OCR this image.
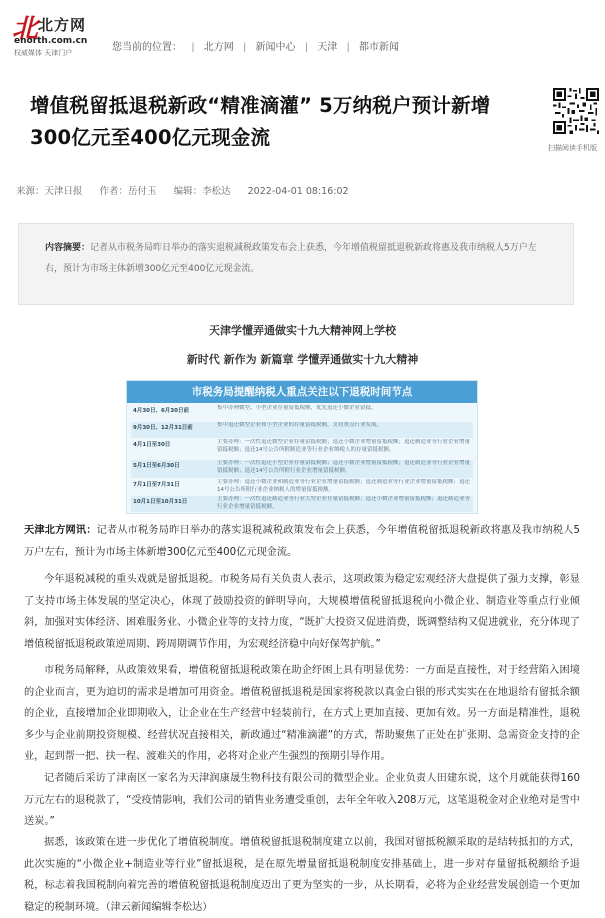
北 北方网
enorth.com.cn
权威媒体 天津门户	您当前的位置： | 北方网 | 新闻中心 | 天津 | 都市新闻
增值税留抵退税新政“精准滴灌” 5万纳税户预计新增300亿元至400亿元现金流	扫描阅读手机版
来源：天津日报 作者：岳付玉 编辑：李松达 2022-04-01 08:16:02
内容摘要：记者从市税务局昨日举办的落实退税减税政策发布会上获悉，今年增值税留抵退税新政将惠及我市纳税人5万户左右，预计为市场主体新增300亿元至400亿元现金流。
天津学懂弄通做实十九大精神网上学校
新时代 新作为 新篇章 学懂弄通做实十九大精神
市税务局提醒纳税人重点关注以下退税时间节点
4月30日、6月30日前	集中办理微型、小型企业存量留抵税额，优先退还小微企业留抵。
9月30日、12月31日前	集中退还微型企业和小型企业的存量留抵税额，支持重点行业发展。
4月1日至30日	主要办理：一次性退还微型企业存量留抵税额；退还小微企业增量留抵税额；退还制造业等行业企业增量留抵税额；退还14号公告所附制造业等行业企业纳税人的存量留抵税额。
5月1日至6月30日	主要办理：一次性退还小型企业存量留抵税额；退还小微企业增量留抵税额；退还制造业等行业企业增量留抵税额；退还14号公告所附行业企业增量留抵税额。
7月1日至7月31日	主要办理：退还小微企业和制造业等行业企业增量留抵税额；退还制造业等行业企业增量留抵税额；退还14号公告所附行业企业纳税人的增量留抵税额。
10月1日至10月31日	主要办理：一次性退还制造业等行业大型企业存量留抵税额；退还小微企业增量留抵税额；退还制造业等行业企业增量留抵税额。

天津北方网讯：记者从市税务局昨日举办的落实退税减税政策发布会上获悉，今年增值税留抵退税新政将惠及我市纳税人5万户左右，预计为市场主体新增300亿元至400亿元现金流。

今年退税减税的重头戏就是留抵退税。市税务局有关负责人表示，这项政策为稳定宏观经济大盘提供了强力支撑，彰显了支持市场主体发展的坚定决心，体现了鼓励投资的鲜明导向，大规模增值税留抵退税向小微企业、制造业等重点行业倾斜，加强对实体经济、困难服务业、小微企业等的支持力度，“既扩大投资又促进消费，既调整结构又促进就业，充分体现了增值税留抵退税政策逆周期、跨周期调节作用，为宏观经济稳中向好保驾护航。”

市税务局解释，从政策效果看，增值税留抵退税政策在助企纾困上具有明显优势：一方面是直接性，对于经营陷入困境的企业而言，更为迫切的需求是增加可用资金。增值税留抵退税是国家将税款以真金白银的形式实实在在地退给有留抵余额的企业，直接增加企业即期收入，让企业在生产经营中轻装前行，在方式上更加直接、更加有效。另一方面是精准性，退税多少与企业前期投资规模、经营状况直接相关，新政通过“精准滴灌”的方式，帮助聚焦了正处在扩张期、急需资金支持的企业，起到帮一把、扶一程、渡难关的作用，必将对企业产生强烈的预期引导作用。

记者随后采访了津南区一家名为天津润康晟生物科技有限公司的微型企业。企业负责人田建东说，这个月就能获得160万元左右的退税款了，“受疫情影响，我们公司的销售业务遭受重创，去年全年收入208万元，这笔退税金对企业绝对是雪中送炭。”

据悉，该政策在进一步优化了增值税制度。增值税留抵退税制度建立以前，我国对留抵税额采取的是结转抵扣的方式，此次实施的“小微企业+制造业等行业”留抵退税，是在原先增量留抵退税制度安排基础上，进一步对存量留抵税额给予退税，标志着我国税制向着完善的增值税留抵退税制度迈出了更为坚实的一步，从长期看，必将为企业经营发展创造一个更加稳定的税制环境。（津云新闻编辑李松达）
